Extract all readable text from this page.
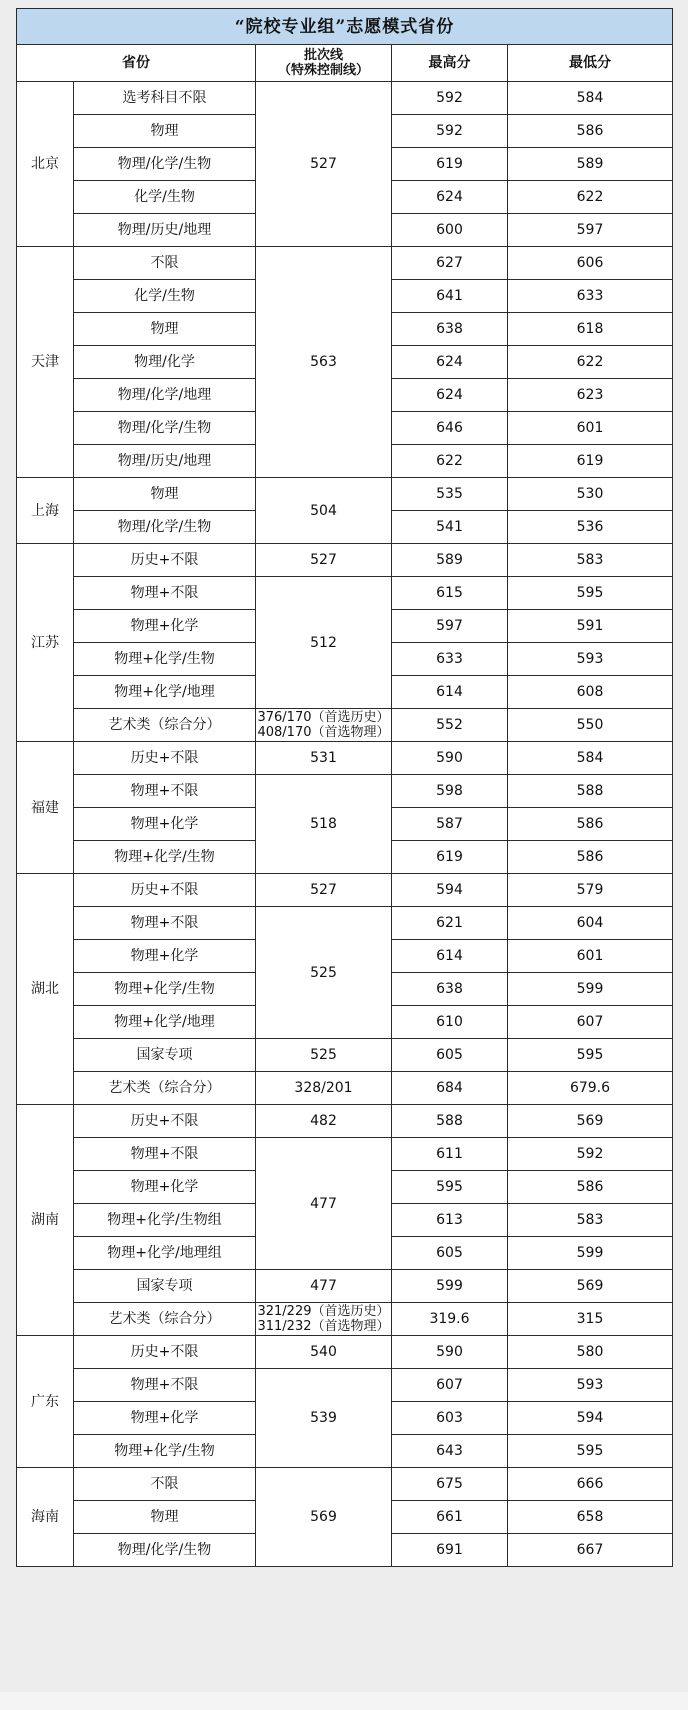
“院校专业组”志愿模式省份				
省份		批次线
（特殊控制线）	最高分	最低分
北京	选考科目不限	527	592	584
	物理		592	586
	物理/化学/生物		619	589
	化学/生物		624	622
	物理/历史/地理		600	597
天津	不限	563	627	606
	化学/生物		641	633
	物理		638	618
	物理/化学		624	622
	物理/化学/地理		624	623
	物理/化学/生物		646	601
	物理/历史/地理		622	619
上海	物理	504	535	530
	物理/化学/生物		541	536
江苏	历史+不限	527	589	583
	物理+不限	512	615	595
	物理+化学		597	591
	物理+化学/生物		633	593
	物理+化学/地理		614	608
	艺术类（综合分）	376/170（首选历史）
408/170（首选物理）	552	550
福建	历史+不限	531	590	584
	物理+不限	518	598	588
	物理+化学		587	586
	物理+化学/生物		619	586
湖北	历史+不限	527	594	579
	物理+不限	525	621	604
	物理+化学		614	601
	物理+化学/生物		638	599
	物理+化学/地理		610	607
	国家专项	525	605	595
	艺术类（综合分）	328/201	684	679.6
湖南	历史+不限	482	588	569
	物理+不限	477	611	592
	物理+化学		595	586
	物理+化学/生物组		613	583
	物理+化学/地理组		605	599
	国家专项	477	599	569
	艺术类（综合分）	321/229（首选历史）
311/232（首选物理）	319.6	315
广东	历史+不限	540	590	580
	物理+不限	539	607	593
	物理+化学		603	594
	物理+化学/生物		643	595
海南	不限	569	675	666
	物理		661	658
	物理/化学/生物		691	667
